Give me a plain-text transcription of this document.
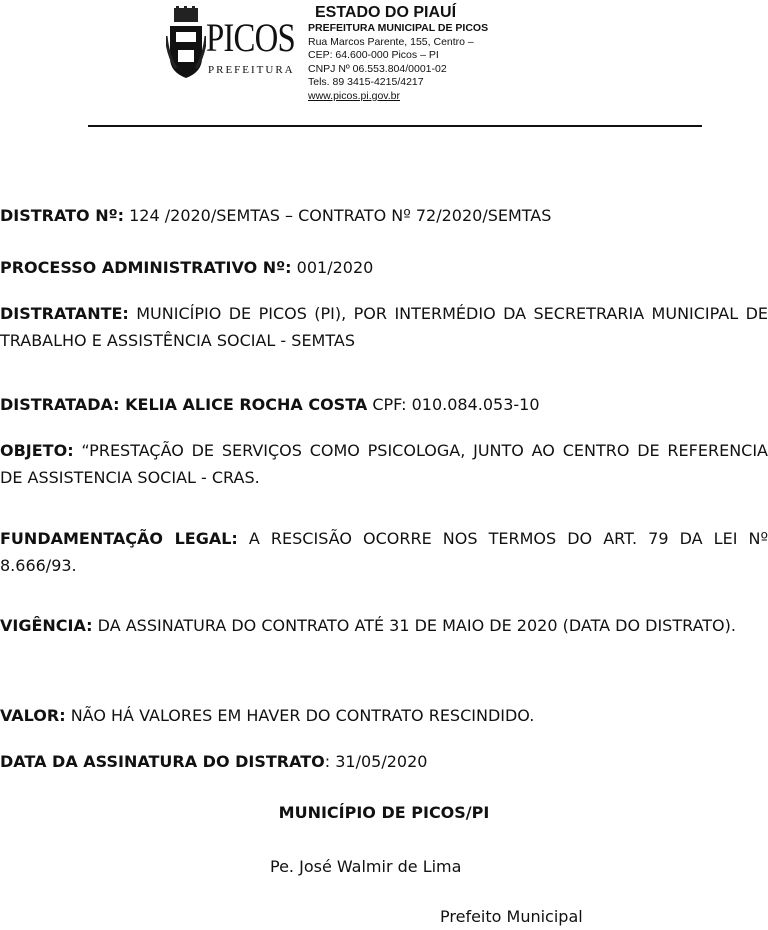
PICOS
PREFEITURA
ESTADO DO PIAUÍ
PREFEITURA MUNICIPAL DE PICOS
Rua Marcos Parente, 155, Centro –
CEP: 64.600-000 Picos – PI
CNPJ Nº 06.553.804/0001-02
Tels. 89 3415-4215/4217
www.picos.pi.gov.br

DISTRATO Nº: 124 /2020/SEMTAS – CONTRATO Nº 72/2020/SEMTAS

PROCESSO ADMINISTRATIVO Nº: 001/2020

DISTRATANTE: MUNICÍPIO DE PICOS (PI), POR INTERMÉDIO DA SECRETRARIA MUNICIPAL DE TRABALHO E ASSISTÊNCIA SOCIAL - SEMTAS

DISTRATADA: KELIA ALICE ROCHA COSTA CPF: 010.084.053-10

OBJETO: “PRESTAÇÃO DE SERVIÇOS COMO PSICOLOGA, JUNTO AO CENTRO DE REFERENCIA DE ASSISTENCIA SOCIAL - CRAS.

FUNDAMENTAÇÃO LEGAL: A RESCISÃO OCORRE NOS TERMOS DO ART. 79 DA LEI Nº 8.666/93.

VIGÊNCIA: DA ASSINATURA DO CONTRATO ATÉ 31 DE MAIO DE 2020 (DATA DO DISTRATO).

VALOR: NÃO HÁ VALORES EM HAVER DO CONTRATO RESCINDIDO.

DATA DA ASSINATURA DO DISTRATO: 31/05/2020

MUNICÍPIO DE PICOS/PI

Pe. José Walmir de Lima

Prefeito Municipal
